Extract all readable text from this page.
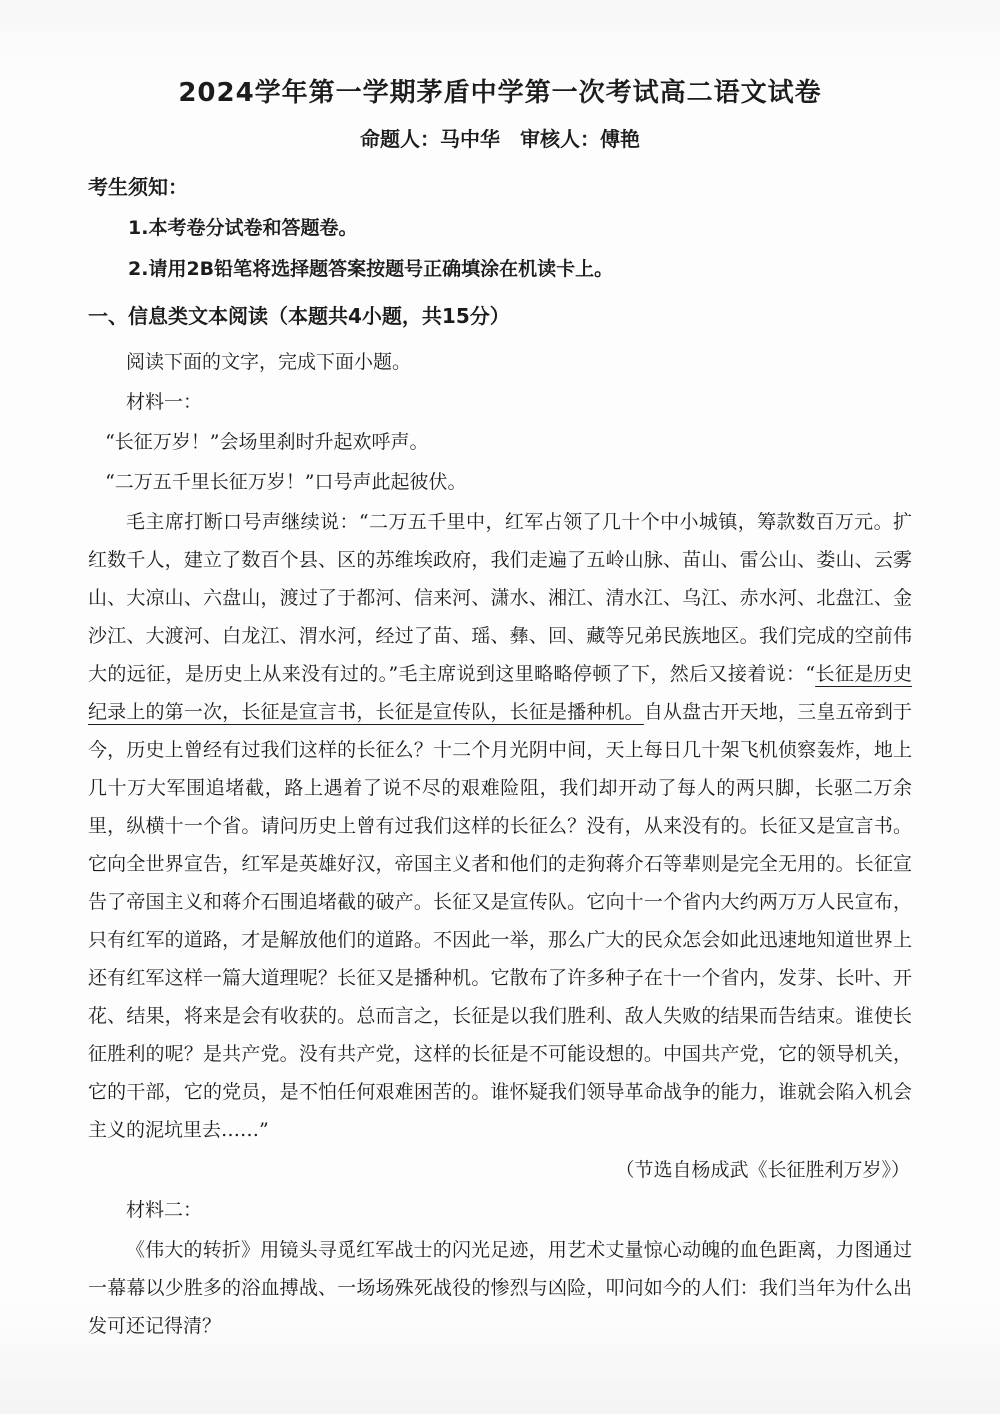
2024学年第一学期茅盾中学第一次考试高二语文试卷
命题人：马中华　审核人：傅艳
考生须知：
1.本考卷分试卷和答题卷。
2.请用2B铅笔将选择题答案按题号正确填涂在机读卡上。
一、信息类文本阅读（本题共4小题，共15分）

阅读下面的文字，完成下面小题。

材料一：

“长征万岁！”会场里刹时升起欢呼声。

“二万五千里长征万岁！”口号声此起彼伏。

毛主席打断口号声继续说：“二万五千里中，红军占领了几十个中小城镇，筹款数百万元。扩红数千人，建立了数百个县、区的苏维埃政府，我们走遍了五岭山脉、苗山、雷公山、娄山、云雾山、大凉山、六盘山，渡过了于都河、信来河、潇水、湘江、清水江、乌江、赤水河、北盘江、金沙江、大渡河、白龙江、渭水河，经过了苗、瑶、彝、回、藏等兄弟民族地区。我们完成的空前伟大的远征，是历史上从来没有过的。”毛主席说到这里略略停顿了下，然后又接着说：“长征是历史纪录上的第一次，长征是宣言书，长征是宣传队，长征是播种机。自从盘古开天地，三皇五帝到于今，历史上曾经有过我们这样的长征么？十二个月光阴中间，天上每日几十架飞机侦察轰炸，地上几十万大军围追堵截，路上遇着了说不尽的艰难险阻，我们却开动了每人的两只脚，长驱二万余里，纵横十一个省。请问历史上曾有过我们这样的长征么？没有，从来没有的。长征又是宣言书。它向全世界宣告，红军是英雄好汉，帝国主义者和他们的走狗蒋介石等辈则是完全无用的。长征宣告了帝国主义和蒋介石围追堵截的破产。长征又是宣传队。它向十一个省内大约两万万人民宣布，只有红军的道路，才是解放他们的道路。不因此一举，那么广大的民众怎会如此迅速地知道世界上还有红军这样一篇大道理呢？长征又是播种机。它散布了许多种子在十一个省内，发芽、长叶、开花、结果，将来是会有收获的。总而言之，长征是以我们胜利、敌人失败的结果而告结束。谁使长征胜利的呢？是共产党。没有共产党，这样的长征是不可能设想的。中国共产党，它的领导机关，它的干部，它的党员，是不怕任何艰难困苦的。谁怀疑我们领导革命战争的能力，谁就会陷入机会主义的泥坑里去……”

（节选自杨成武《长征胜利万岁》）

材料二：

《伟大的转折》用镜头寻觅红军战士的闪光足迹，用艺术丈量惊心动魄的血色距离，力图通过一幕幕以少胜多的浴血搏战、一场场殊死战役的惨烈与凶险，叩问如今的人们：我们当年为什么出发可还记得清？
